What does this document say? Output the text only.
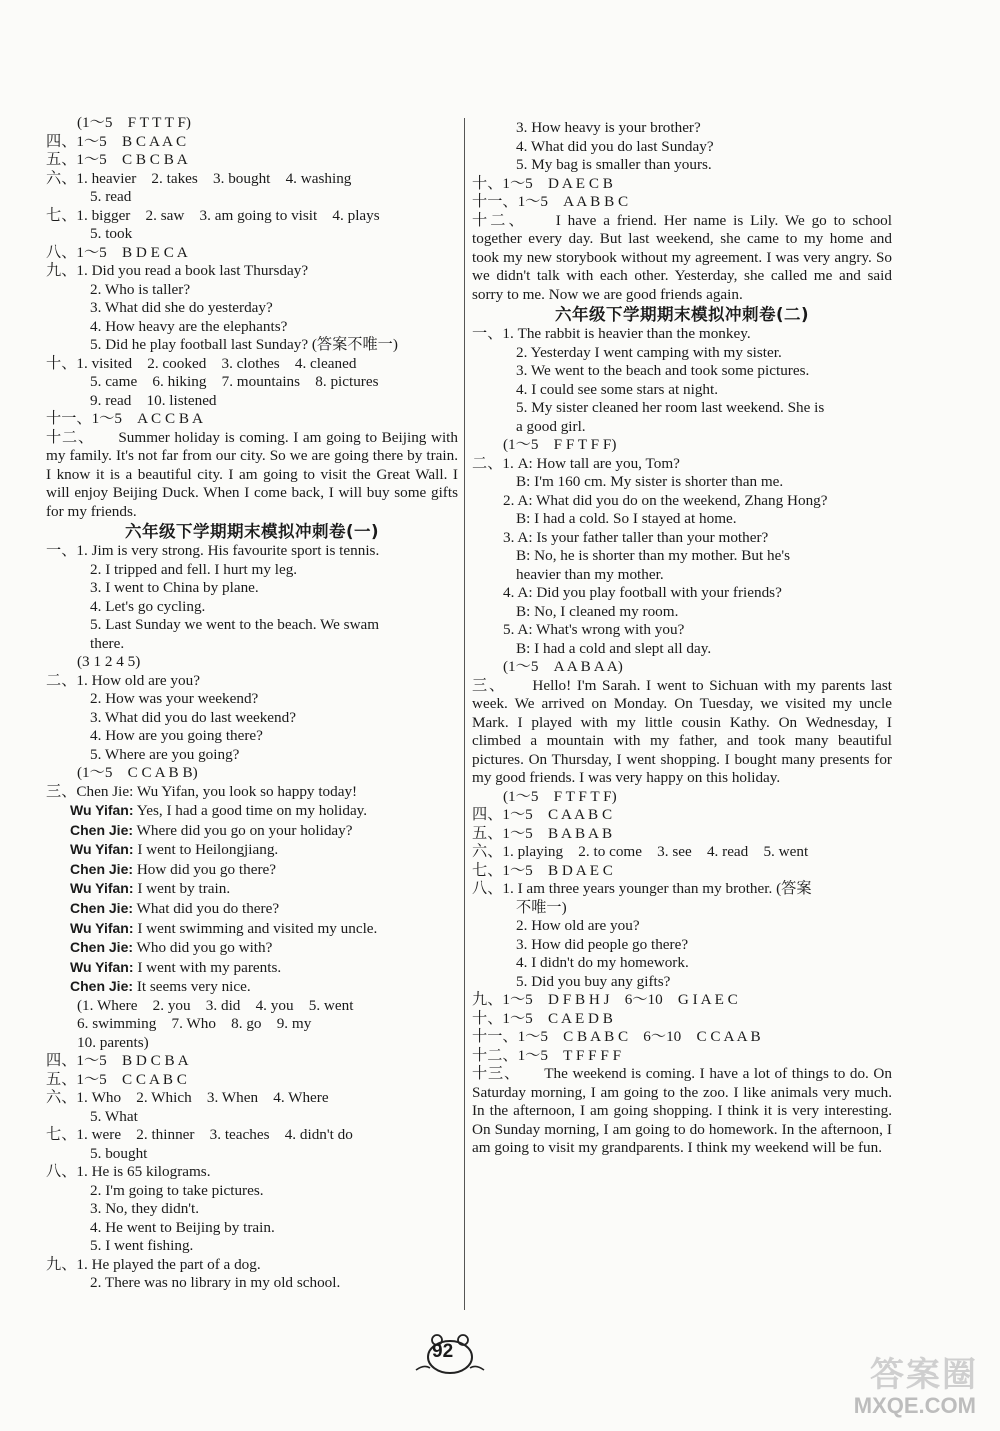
(1～5　F T T T F)
四、1～5　B C A A C
五、1～5　C B C B A
六、1. heavier　2. takes　3. bought　4. washing
5. read
七、1. bigger　2. saw　3. am going to visit　4. plays
5. took
八、1～5　B D E C A
九、1. Did you read a book last Thursday?
2. Who is taller?
3. What did she do yesterday?
4. How heavy are the elephants?
5. Did he play football last Sunday? (答案不唯一)
十、1. visited　2. cooked　3. clothes　4. cleaned
5. came　6. hiking　7. mountains　8. pictures
9. read　10. listened
十一、1～5　A C C B A
十二、　　Summer holiday is coming. I am going to Beijing with my family. It's not far from our city. So we are going there by train. I know it is a beautiful city. I am going to visit the Great Wall. I will enjoy Beijing Duck. When I come back, I will buy some gifts for my friends.
六年级下学期期末模拟冲刺卷(一)
一、1. Jim is very strong. His favourite sport is tennis.
2. I tripped and fell. I hurt my leg.
3. I went to China by plane.
4. Let's go cycling.
5. Last Sunday we went to the beach. We swam
there.
(3 1 2 4 5)
二、1. How old are you?
2. How was your weekend?
3. What did you do last weekend?
4. How are you going there?
5. Where are you going?
(1～5　C C A B B)
三、Chen Jie: Wu Yifan, you look so happy today!
Wu Yifan: Yes, I had a good time on my holiday.
Chen Jie: Where did you go on your holiday?
Wu Yifan: I went to Heilongjiang.
Chen Jie: How did you go there?
Wu Yifan: I went by train.
Chen Jie: What did you do there?
Wu Yifan: I went swimming and visited my uncle.
Chen Jie: Who did you go with?
Wu Yifan: I went with my parents.
Chen Jie: It seems very nice.
(1. Where　2. you　3. did　4. you　5. went
6. swimming　7. Who　8. go　9. my
10. parents)
四、1～5　B D C B A
五、1～5　C C A B C
六、1. Who　2. Which　3. When　4. Where
5. What
七、1. were　2. thinner　3. teaches　4. didn't do
5. bought
八、1. He is 65 kilograms.
2. I'm going to take pictures.
3. No, they didn't.
4. He went to Beijing by train.
5. I went fishing.
九、1. He played the part of a dog.
2. There was no library in my old school.
3. How heavy is your brother?
4. What did you do last Sunday?
5. My bag is smaller than yours.
十、1～5　D A E C B
十一、1～5　A A B B C
十二、　　I have a friend. Her name is Lily. We go to school together every day. But last weekend, she came to my home and took my new storybook without my agreement. I was very angry. So we didn't talk with each other. Yesterday, she called me and said sorry to me. Now we are good friends again.
六年级下学期期末模拟冲刺卷(二)
一、1. The rabbit is heavier than the monkey.
2. Yesterday I went camping with my sister.
3. We went to the beach and took some pictures.
4. I could see some stars at night.
5. My sister cleaned her room last weekend. She is
a good girl.
(1～5　F F T F F)
二、1. A: How tall are you, Tom?
B: I'm 160 cm. My sister is shorter than me.
2. A: What did you do on the weekend, Zhang Hong?
B: I had a cold. So I stayed at home.
3. A: Is your father taller than your mother?
B: No, he is shorter than my mother. But he's
heavier than my mother.
4. A: Did you play football with your friends?
B: No, I cleaned my room.
5. A: What's wrong with you?
B: I had a cold and slept all day.
(1～5　A A B A A)
三、　　Hello! I'm Sarah. I went to Sichuan with my parents last week. We arrived on Monday. On Tuesday, we visited my uncle Mark. I played with my little cousin Kathy. On Wednesday, I climbed a mountain with my father, and took many beautiful pictures. On Thursday, I went shopping. I bought many presents for my good friends. I was very happy on this holiday.
(1～5　F T F T F)
四、1～5　C A A B C
五、1～5　B A B A B
六、1. playing　2. to come　3. see　4. read　5. went
七、1～5　B D A E C
八、1. I am three years younger than my brother. (答案
不唯一)
2. How old are you?
3. How did people go there?
4. I didn't do my homework.
5. Did you buy any gifts?
九、1～5　D F B H J　6～10　G I A E C
十、1～5　C A E D B
十一、1～5　C B A B C　6～10　C C A A B
十二、1～5　T F F F F
十三、　　The weekend is coming. I have a lot of things to do. On Saturday morning, I am going to the zoo. I like animals very much. In the afternoon, I am going shopping. I think it is very interesting. On Sunday morning, I am going to do homework. In the afternoon, I am going to visit my grandparents. I think my weekend will be fun.
92
答案圈
MXQE.COM
